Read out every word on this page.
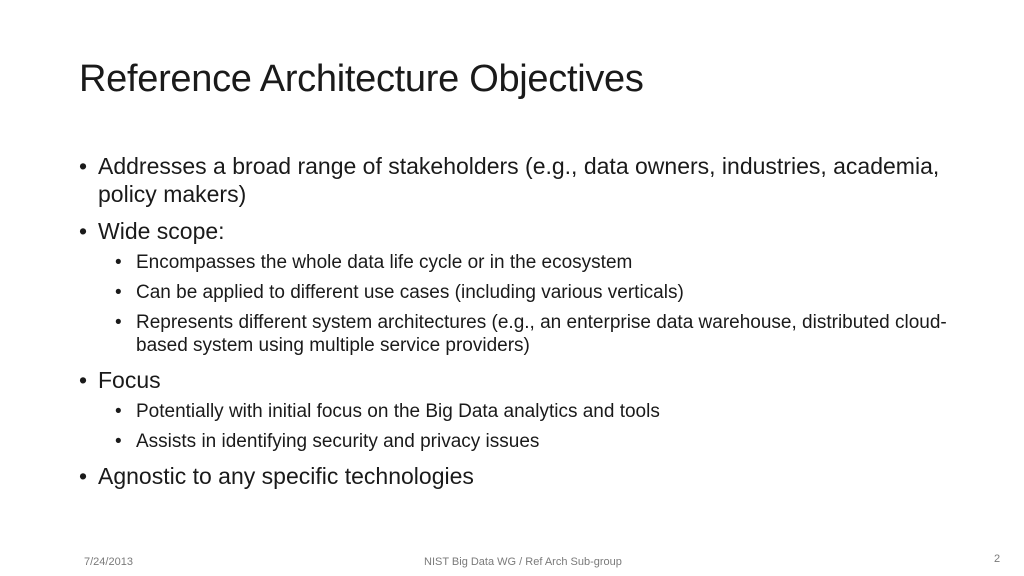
Reference Architecture Objectives
• Addresses a broad range of stakeholders (e.g., data owners, industries, academia, policy makers)
• Wide scope:
• Encompasses the whole data life cycle or in the ecosystem
• Can be applied to different use cases (including various verticals)
• Represents different system architectures (e.g., an enterprise data warehouse, distributed cloud-based system using multiple service providers)
• Focus
• Potentially with initial focus on the Big Data analytics and tools
• Assists in identifying security and privacy issues
• Agnostic to any specific technologies
7/24/2013	NIST Big Data WG / Ref Arch Sub-group	2
